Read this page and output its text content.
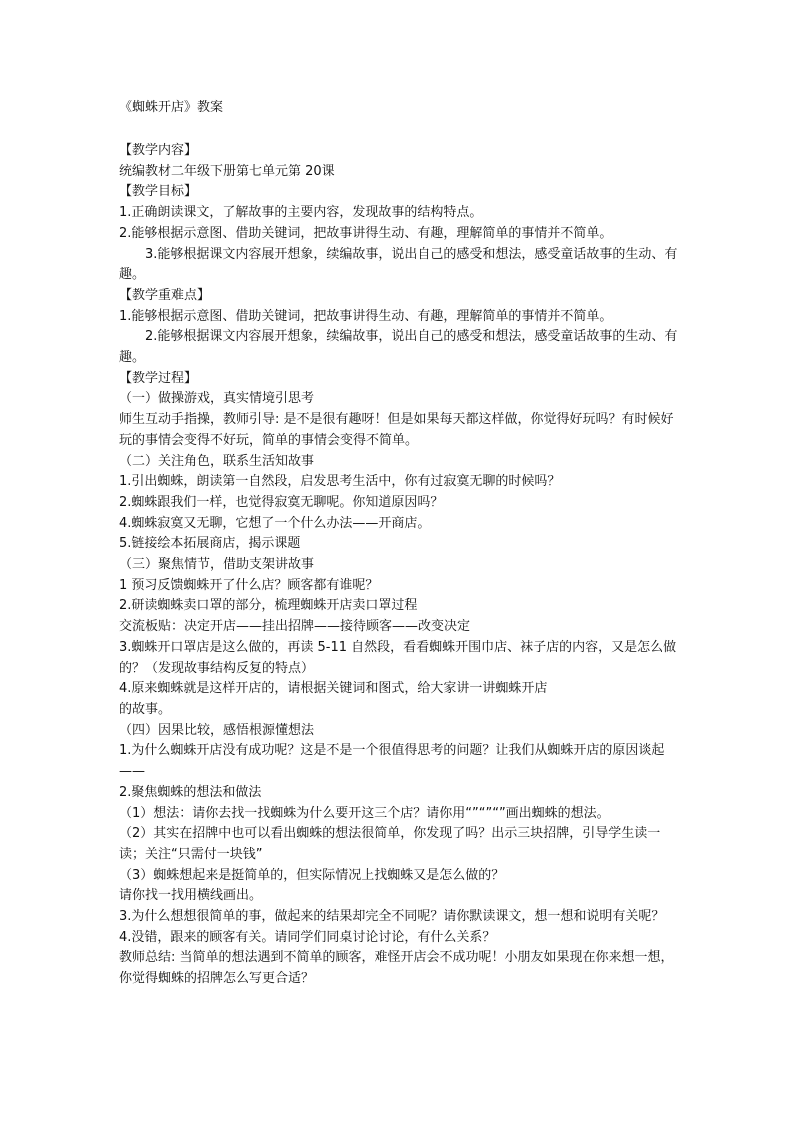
《蜘蛛开店》教案

【教学内容】

统编教材二年级下册第七单元第 20课

【教学目标】

1.正确朗读课文，了解故事的主要内容，发现故事的结构特点。

2.能够根据示意图、借助关键词，把故事讲得生动、有趣，理解简单的事情并不简单。

3.能够根据课文内容展开想象，续编故事，说出自己的感受和想法，感受童话故事的生动、有趣。

【教学重难点】

1.能够根据示意图、借助关键词，把故事讲得生动、有趣，理解简单的事情并不简单。

2.能够根据课文内容展开想象，续编故事，说出自己的感受和想法，感受童话故事的生动、有趣。

【教学过程】

（一）做操游戏，真实情境引思考

师生互动手指操，教师引导: 是不是很有趣呀！但是如果每天都这样做，你觉得好玩吗？有时候好玩的事情会变得不好玩，简单的事情会变得不简单。

（二）关注角色，联系生活知故事

1.引出蜘蛛，朗读第一自然段，启发思考生活中，你有过寂寞无聊的时候吗？

2.蜘蛛跟我们一样，也觉得寂寞无聊呢。你知道原因吗？

4.蜘蛛寂寞又无聊，它想了一个什么办法——开商店。

5.链接绘本拓展商店，揭示课题

（三）聚焦情节，借助支架讲故事

1 预习反馈蜘蛛开了什么店？顾客都有谁呢？

2.研读蜘蛛卖口罩的部分，梳理蜘蛛开店卖口罩过程

交流板贴：决定开店——挂出招牌——接待顾客——改变决定

3.蜘蛛开口罩店是这么做的，再读 5-11 自然段，看看蜘蛛开围巾店、袜子店的内容，又是怎么做的？（发现故事结构反复的特点）

4.原来蜘蛛就是这样开店的，请根据关键词和图式，给大家讲一讲蜘蛛开店

的故事。

（四）因果比较，感悟根源懂想法

1.为什么蜘蛛开店没有成功呢？这是不是一个很值得思考的问题？让我们从蜘蛛开店的原因谈起——

2.聚焦蜘蛛的想法和做法

（1）想法：请你去找一找蜘蛛为什么要开这三个店？请你用“”“”“”画出蜘蛛的想法。

（2）其实在招牌中也可以看出蜘蛛的想法很简单，你发现了吗？出示三块招牌，引导学生读一读；关注“只需付一块钱”

（3）蜘蛛想起来是挺简单的，但实际情况上找蜘蛛又是怎么做的？

请你找一找用横线画出。

3.为什么想想很简单的事，做起来的结果却完全不同呢？请你默读课文，想一想和说明有关呢？

4.没错，跟来的顾客有关。请同学们同桌讨论讨论，有什么关系？

教师总结: 当简单的想法遇到不简单的顾客，难怪开店会不成功呢！小朋友如果现在你来想一想，你觉得蜘蛛的招牌怎么写更合适？
